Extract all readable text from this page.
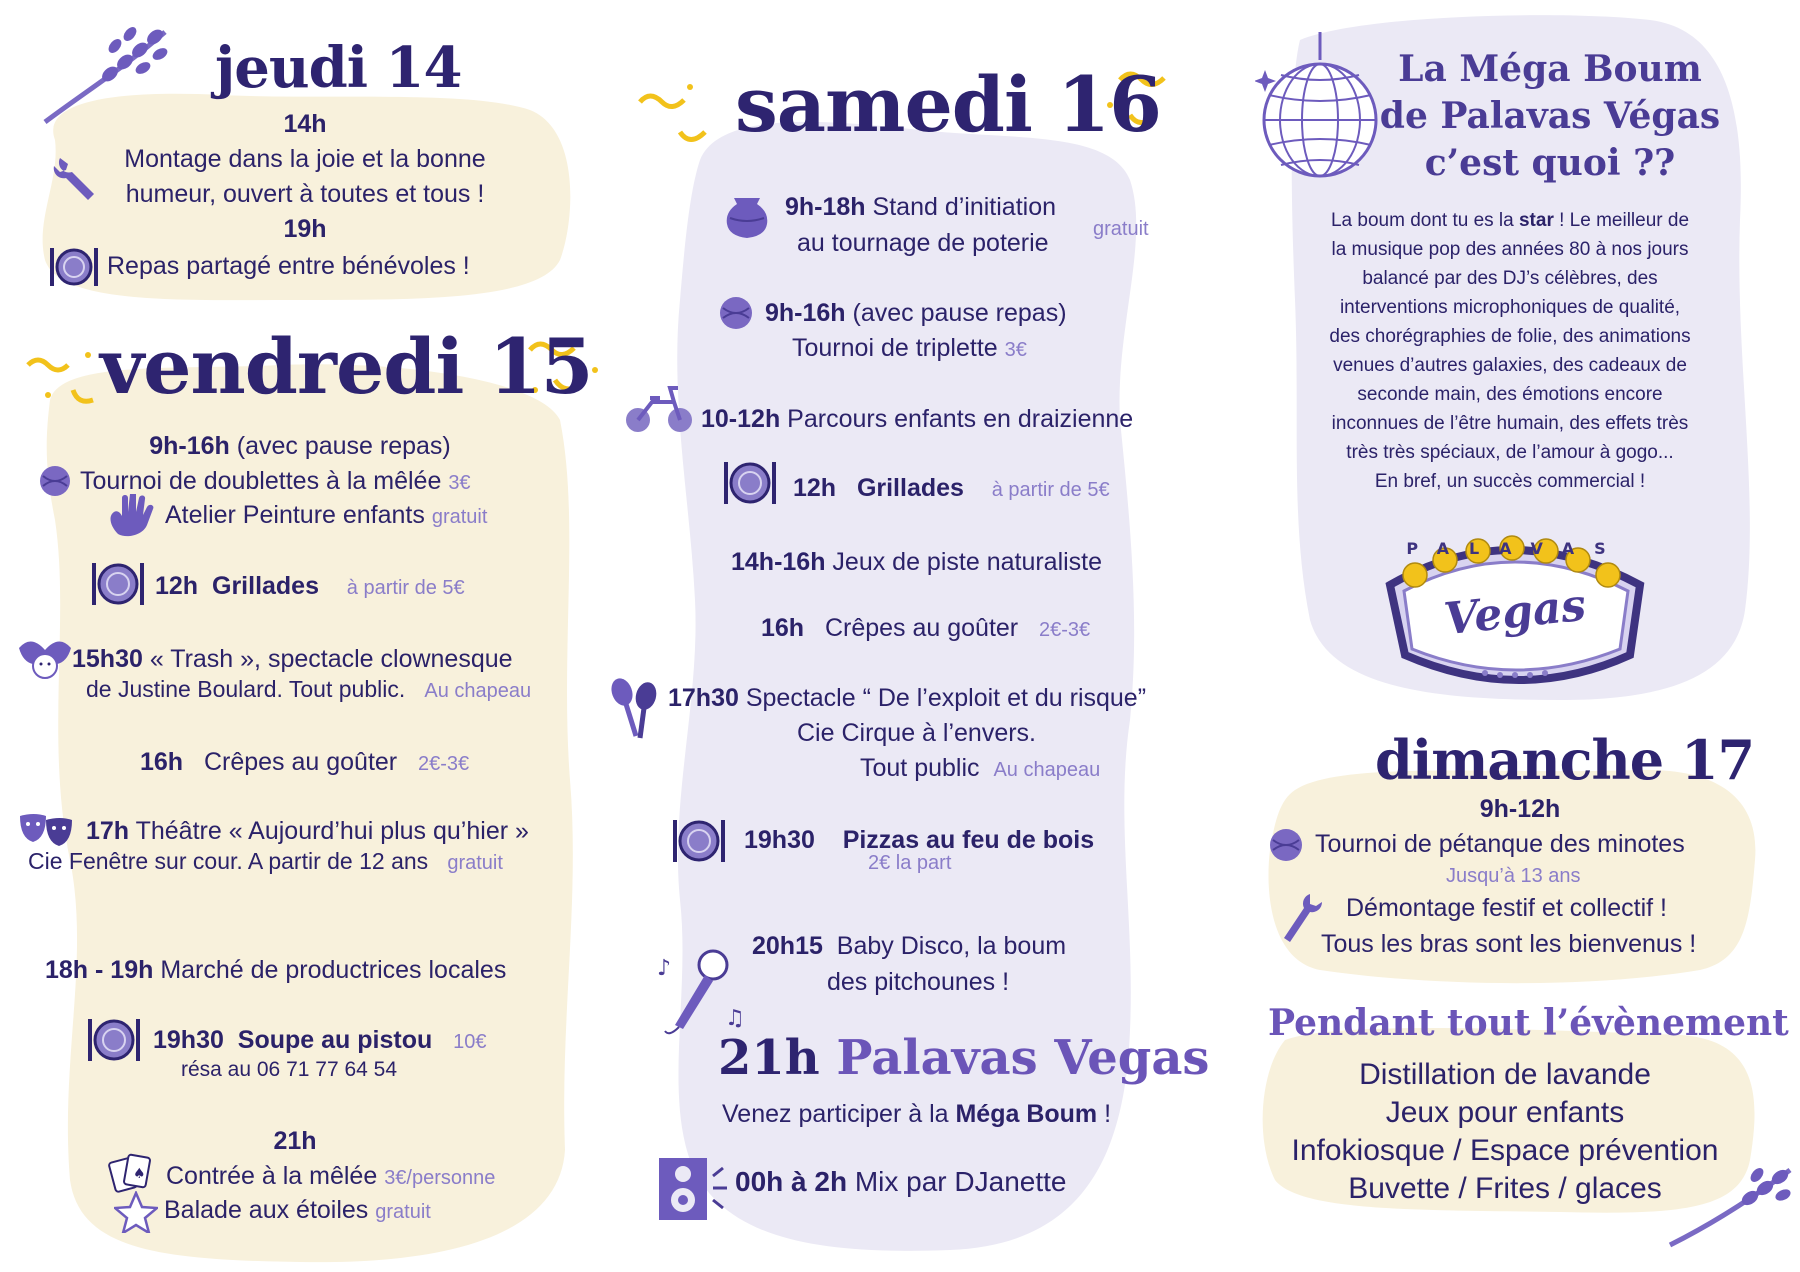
jeudi 14
14h
Montage dans la joie et la bonne
humeur, ouvert à toutes et tous !
19h
Repas partagé entre bénévoles !
vendredi 15
9h-16h (avec pause repas)
Tournoi de doublettes à la mêlée 3€
Atelier Peinture enfants gratuit
12h Grillades à partir de 5€
15h30 « Trash », spectacle clownesque
de Justine Boulard. Tout public. Au chapeau
16h Crêpes au goûter 2€-3€
17h Théâtre « Aujourd’hui plus qu’hier »
Cie Fenêtre sur cour. A partir de 12 ans gratuit
18h - 19h Marché de productrices locales
19h30 Soupe au pistou 10€
résa au 06 71 77 64 54
21h
♠ Contrée à la mêlée 3€/personne
Balade aux étoiles gratuit
samedi 16
9h-18h Stand d’initiation
au tournage de poterie gratuit
9h-16h (avec pause repas)
Tournoi de triplette 3€
10-12h Parcours enfants en draizienne
12h Grillades à partir de 5€
14h-16h Jeux de piste naturaliste
16h Crêpes au goûter 2€-3€
17h30 Spectacle “ De l’exploit et du risque”
Cie Cirque à l’envers.
Tout public Au chapeau
19h30 Pizzas au feu de bois
2€ la part
♪
♫
20h15  Baby Disco, la boum
des pitchounes !
21h Palavas Vegas
Venez participer à la Méga Boum !
00h à 2h Mix par DJanette
La Méga Boum
de Palavas Végas
c’est quoi ??
La boum dont tu es la star ! Le meilleur de
la musique pop des années 80 à nos jours
balancé par des DJ’s célèbres, des
interventions microphoniques de qualité,
des chorégraphies de folie, des animations
venues d’autres galaxies, des cadeaux de
seconde main, des émotions encore
inconnues de l’être humain, des effets très
très très spéciaux, de l’amour à gogo...
En bref, un succès commercial !
PALAVAS
Vegas
dimanche 17
9h-12h
Tournoi de pétanque des minotes
Jusqu’à 13 ans
Démontage festif et collectif !
Tous les bras sont les bienvenus !
Pendant tout l’évènement
Distillation de lavande
Jeux pour enfants
Infokiosque / Espace prévention
Buvette / Frites / glaces
